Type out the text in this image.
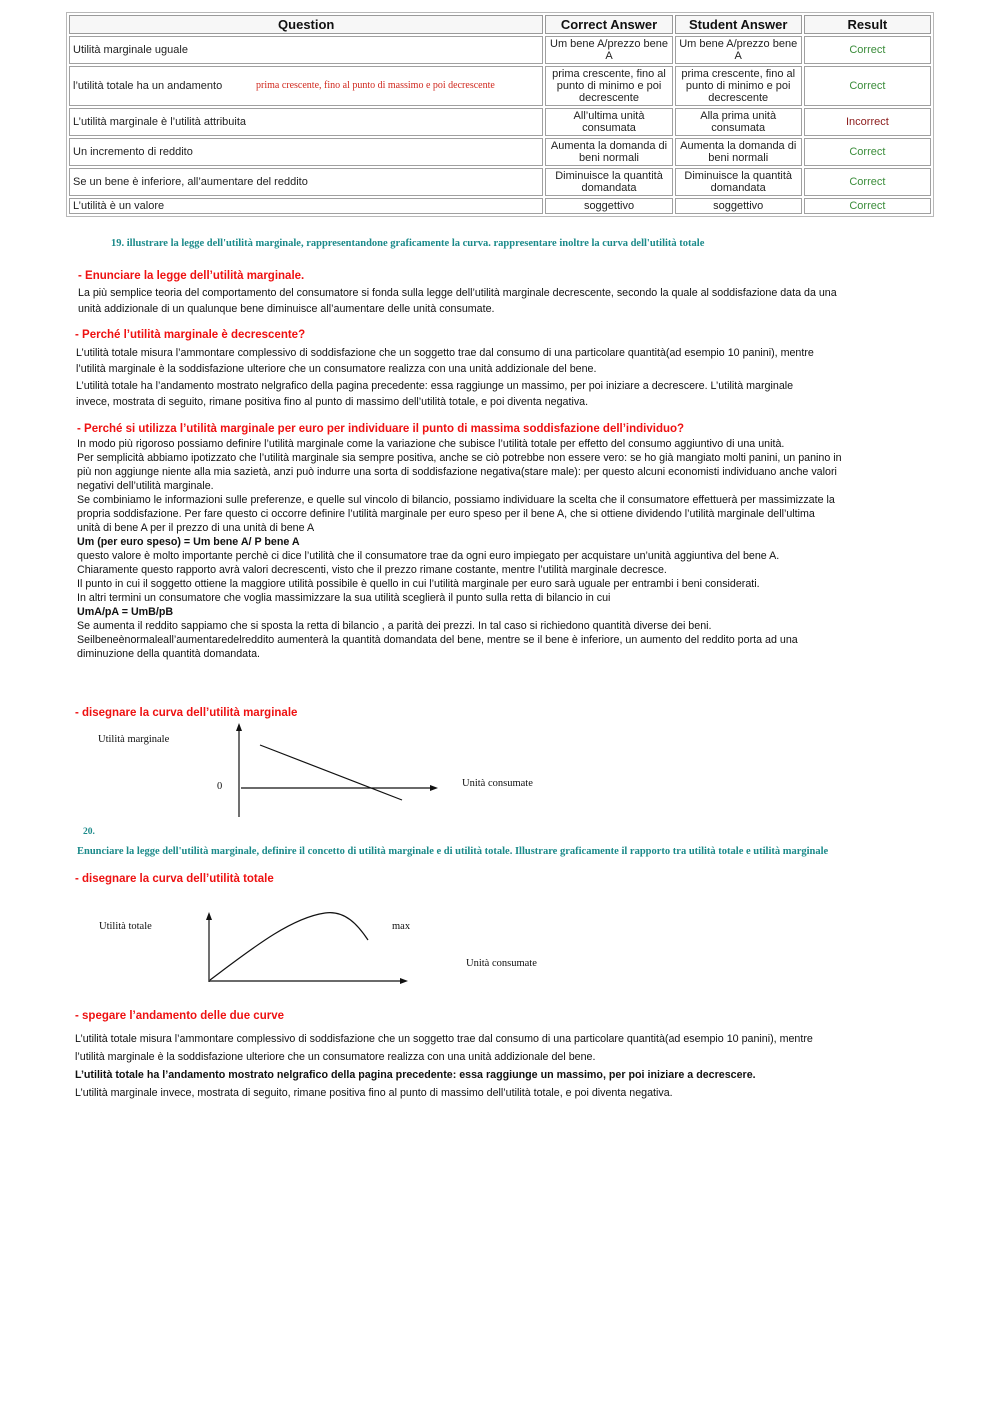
Question	Correct Answer	Student Answer	Result
Utilità marginale uguale	Um bene A/prezzo bene A	Um bene A/prezzo bene A	Correct
l’utilità totale ha un andamento prima crescente, fino al punto di massimo e poi decrescente	prima crescente, fino al punto di minimo e poi decrescente	prima crescente, fino al punto di minimo e poi decrescente	Correct
L’utilità marginale è l’utilità attribuita	All’ultima unità consumata	Alla prima unità consumata	Incorrect
Un incremento di reddito	Aumenta la domanda di beni normali	Aumenta la domanda di beni normali	Correct
Se un bene è inferiore, all’aumentare del reddito	Diminuisce la quantità domandata	Diminuisce la quantità domandata	Correct
L’utilità è un valore	soggettivo	soggettivo	Correct
19. illustrare la legge dell'utilità marginale, rappresentandone graficamente la curva. rappresentare inoltre la curva dell'utilità totale
- Enunciare la legge dell’utilità marginale.

La più semplice teoria del comportamento del consumatore si fonda sulla legge dell’utilità marginale decrescente, secondo la quale al soddisfazione data da una

unità addizionale di un qualunque bene diminuisce all’aumentare delle unità consumate.

- Perché l’utilità marginale è decrescente?

L’utilità totale misura l’ammontare complessivo di soddisfazione che un soggetto trae dal consumo di una particolare quantità(ad esempio 10 panini), mentre

l’utilità marginale è la soddisfazione ulteriore che un consumatore realizza con una unità addizionale del bene.

L’utilità totale ha l’andamento mostrato nelgrafico della pagina precedente: essa raggiunge un massimo, per poi iniziare a decrescere. L’utilità marginale

invece, mostrata di seguito, rimane positiva fino al punto di massimo dell’utilità totale, e poi diventa negativa.

- Perché si utilizza l’utilità marginale per euro per individuare il punto di massima soddisfazione dell’individuo?

In modo più rigoroso possiamo definire l’utilità marginale come la variazione che subisce l’utilità totale per effetto del consumo aggiuntivo di una unità.

Per semplicità abbiamo ipotizzato che l’utilità marginale sia sempre positiva, anche se ciò potrebbe non essere vero: se ho già mangiato molti panini, un panino in

più non aggiunge niente alla mia sazietà, anzi può indurre una sorta di soddisfazione negativa(stare male): per questo alcuni economisti individuano anche valori

negativi dell’utilità marginale.

Se combiniamo le informazioni sulle preferenze, e quelle sul vincolo di bilancio, possiamo individuare la scelta che il consumatore effettuerà per massimizzate la

propria soddisfazione. Per fare questo ci occorre definire l’utilità marginale per euro speso per il bene A, che si ottiene dividendo l’utilità marginale dell’ultima

unità di bene A per il prezzo di una unità di bene A

Um (per euro speso) = Um bene A/ P bene A

questo valore è molto importante perchè ci dice l’utilità che il consumatore trae da ogni euro impiegato per acquistare un’unità aggiuntiva del bene A.

Chiaramente questo rapporto avrà valori decrescenti, visto che il prezzo rimane costante, mentre l’utilità marginale decresce.

Il punto in cui il soggetto ottiene la maggiore utilità possibile è quello in cui l’utilità marginale per euro sarà uguale per entrambi i beni considerati.

In altri termini un consumatore che voglia massimizzare la sua utilità sceglierà il punto sulla retta di bilancio in cui

UmA/pA = UmB/pB

Se aumenta il reddito sappiamo che si sposta la retta di bilancio , a parità dei prezzi. In tal caso si richiedono quantità diverse dei beni.

Seilbeneènormaleall’aumentaredelreddito aumenterà la quantità domandata del bene, mentre se il bene è inferiore, un aumento del reddito porta ad una

diminuzione della quantità domandata.

- disegnare la curva dell’utilità marginale
Utilità marginale
0	Unità consumate
20.
Enunciare la legge dell'utilità marginale, definire il concetto di utilità marginale e di utilità totale. Illustrare graficamente il rapporto tra utilità totale e utilità marginale
- disegnare la curva dell’utilità totale
Utilità totale	max
Unità consumate
- spegare l’andamento delle due curve

L’utilità totale misura l’ammontare complessivo di soddisfazione che un soggetto trae dal consumo di una particolare quantità(ad esempio 10 panini), mentre

l’utilità marginale è la soddisfazione ulteriore che un consumatore realizza con una unità addizionale del bene.

L’utilità totale ha l’andamento mostrato nelgrafico della pagina precedente: essa raggiunge un massimo, per poi iniziare a decrescere.

L’utilità marginale invece, mostrata di seguito, rimane positiva fino al punto di massimo dell’utilità totale, e poi diventa negativa.
